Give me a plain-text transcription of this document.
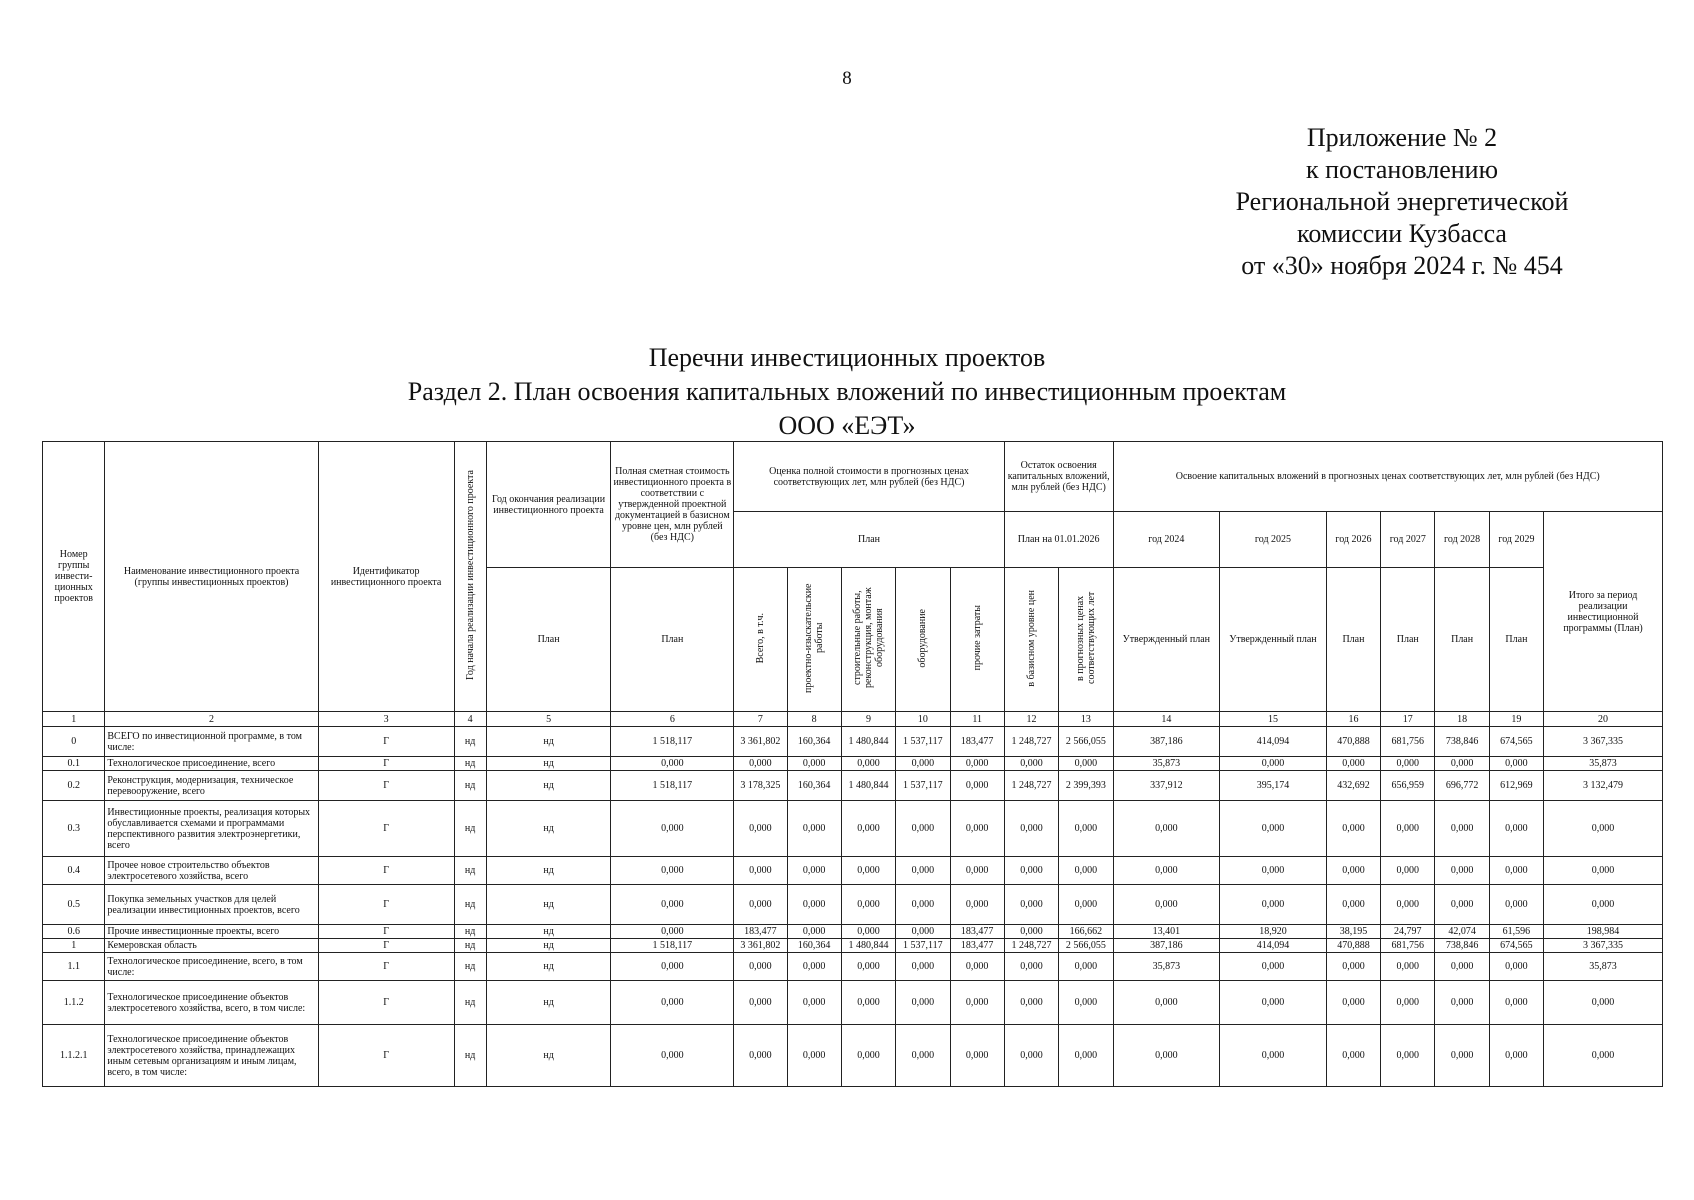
8
Приложение № 2
к постановлению
Региональной энергетической
комиссии Кузбасса
от «30» ноября 2024 г. № 454
Перечни инвестиционных проектов
Раздел 2. План освоения капитальных вложений по инвестиционным проектам
ООО «ЕЭТ»
Номер группы инвести-ционных проектов	Наименование инвестиционного проекта (группы инвестиционных проектов)	Идентификатор инвестиционного проекта	Год начала реализации инвестиционного проекта	Год окончания реализации инвестиционного проекта	Полная сметная стоимость инвестиционного проекта в соответствии с утвержденной проектной документацией в базисном уровне цен, млн рублей (без НДС)	Оценка полной стоимости в прогнозных ценах соответствующих лет, млн рублей (без НДС)					Остаток освоения капитальных вложений, млн рублей (без НДС)		Освоение капитальных вложений в прогнозных ценах соответствующих лет, млн рублей (без НДС)						
						План					План на 01.01.2026		год 2024	год 2025	год 2026	год 2027	год 2028	год 2029	Итого за период реализации инвестиционной программы (План)
				План	План	Всего, в т.ч.	проектно-изыскательские работы	строительные работы, реконструкция, монтаж оборудования	оборудование	прочие затраты	в базисном уровне цен	в прогнозных ценах соответствующих лет	Утвержденный план	Утвержденный план	План	План	План	План	
1	2	3	4	5	6	7	8	9	10	11	12	13	14	15	16	17	18	19	20
0	ВСЕГО по инвестиционной программе, в том числе:	Г	нд	нд	1 518,117	3 361,802	160,364	1 480,844	1 537,117	183,477	1 248,727	2 566,055	387,186	414,094	470,888	681,756	738,846	674,565	3 367,335
0.1	Технологическое присоединение, всего	Г	нд	нд	0,000	0,000	0,000	0,000	0,000	0,000	0,000	0,000	35,873	0,000	0,000	0,000	0,000	0,000	35,873
0.2	Реконструкция, модернизация, техническое перевооружение, всего	Г	нд	нд	1 518,117	3 178,325	160,364	1 480,844	1 537,117	0,000	1 248,727	2 399,393	337,912	395,174	432,692	656,959	696,772	612,969	3 132,479
0.3	Инвестиционные проекты, реализация которых обуславливается схемами и программами перспективного развития электроэнергетики, всего	Г	нд	нд	0,000	0,000	0,000	0,000	0,000	0,000	0,000	0,000	0,000	0,000	0,000	0,000	0,000	0,000	0,000
0.4	Прочее новое строительство объектов электросетевого хозяйства, всего	Г	нд	нд	0,000	0,000	0,000	0,000	0,000	0,000	0,000	0,000	0,000	0,000	0,000	0,000	0,000	0,000	0,000
0.5	Покупка земельных участков для целей реализации инвестиционных проектов, всего	Г	нд	нд	0,000	0,000	0,000	0,000	0,000	0,000	0,000	0,000	0,000	0,000	0,000	0,000	0,000	0,000	0,000
0.6	Прочие инвестиционные проекты, всего	Г	нд	нд	0,000	183,477	0,000	0,000	0,000	183,477	0,000	166,662	13,401	18,920	38,195	24,797	42,074	61,596	198,984
1	Кемеровская область	Г	нд	нд	1 518,117	3 361,802	160,364	1 480,844	1 537,117	183,477	1 248,727	2 566,055	387,186	414,094	470,888	681,756	738,846	674,565	3 367,335
1.1	Технологическое присоединение, всего, в том числе:	Г	нд	нд	0,000	0,000	0,000	0,000	0,000	0,000	0,000	0,000	35,873	0,000	0,000	0,000	0,000	0,000	35,873
1.1.2	Технологическое присоединение объектов электросетевого хозяйства, всего, в том числе:	Г	нд	нд	0,000	0,000	0,000	0,000	0,000	0,000	0,000	0,000	0,000	0,000	0,000	0,000	0,000	0,000	0,000
1.1.2.1	Технологическое присоединение объектов электросетевого хозяйства, принадлежащих иным сетевым организациям и иным лицам, всего, в том числе:	Г	нд	нд	0,000	0,000	0,000	0,000	0,000	0,000	0,000	0,000	0,000	0,000	0,000	0,000	0,000	0,000	0,000
